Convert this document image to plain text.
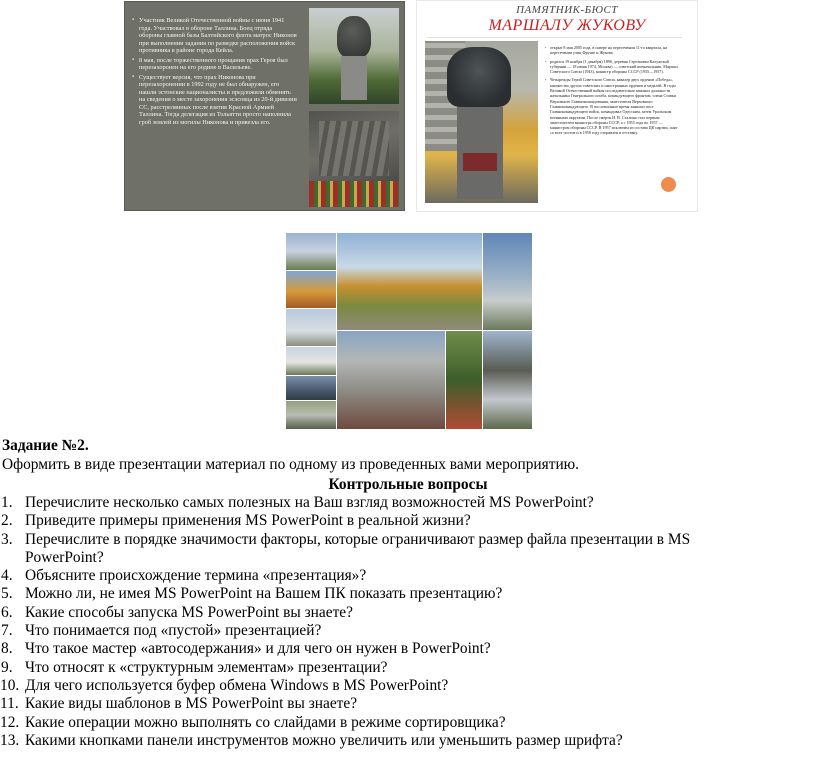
▪ Участник Великой Отечественной войны с июня 1941 года. Участвовал в обороне Таллина. Боец отряда обороны главной базы Балтийского флота матрос Никонов при выполнении задания по разведке расположения войск противника в районе города Кейла.

▪ 8 мая, после торжественного прощания прах Героя был перезахоронен на его родине в Васильеве.

▪ Существует версия, что прах Никонова при перезахоронении в 1992 году не был обнаружен, его нашли эстонские националисты и предложили обменять на сведения о месте захоронения эсэсовца из 20-й дивизии СС, расстрелянных после взятия Красной Армией Таллина. Тогда делегация из Тольятти просто наполнила гроб землей из могилы Никонова и привезла его.

ПАМЯТНИК-БЮСТ
МАРШАЛУ ЖУКОВУ

▪ открыт 8 мая 2005 года, в сквере на пересечении 11-го квартала, на пересечении улиц Фрунзе и Жукова.

▪ родился 19 ноября (1 декабря) 1896, деревня Стрелковка Калужской губернии — 18 июня 1974, Москва) — советский военачальник. Маршал Советского Союза (1943), министр обороны СССР (1955—1957).

▪ Четырежды Герой Советского Союза, кавалер двух орденов «Победа», множества других советских и иностранных орденов и медалей. В годы Великой Отечественной войны последовательно занимал должности начальника Генерального штаба, командующего фронтом, члена Ставки Верховного Главнокомандования, заместителя Верховного Главнокомандующего. В послевоенное время занимал пост Главнокомандующего войск, командовал Одесским, затем Уральским военными округами. После смерти И. В. Сталина стал первым заместителем министра обороны СССР, а с 1955 года по 1957 — министром обороны СССР. В 1957 исключён из состава ЦК партии, снят со всех постов и в 1958 году отправлен в отставку.

Задание №2.
Оформить в виде презентации материал по одному из проведенных вами мероприятию.
Контрольные вопросы
1. Перечислите несколько самых полезных на Ваш взгляд возможностей MS PowerPoint?
2. Приведите примеры применения MS PowerPoint в реальной жизни?
3. Перечислите в порядке значимости факторы, которые ограничивают размер файла презентации в MS
PowerPoint?
4. Объясните происхождение термина «презентация»?
5. Можно ли, не имея MS PowerPoint на Вашем ПК показать презентацию?
6. Какие способы запуска MS PowerPoint вы знаете?
7. Что понимается под «пустой» презентацией?
8. Что такое мастер «автосодержания» и для чего он нужен в PowerPoint?
9. Что относят к «структурным элементам» презентации?
10. Для чего используется буфер обмена Windows в MS PowerPoint?
11. Какие виды шаблонов в MS PowerPoint вы знаете?
12. Какие операции можно выполнять со слайдами в режиме сортировщика?
13. Какими кнопками панели инструментов можно увеличить или уменьшить размер шрифта?
